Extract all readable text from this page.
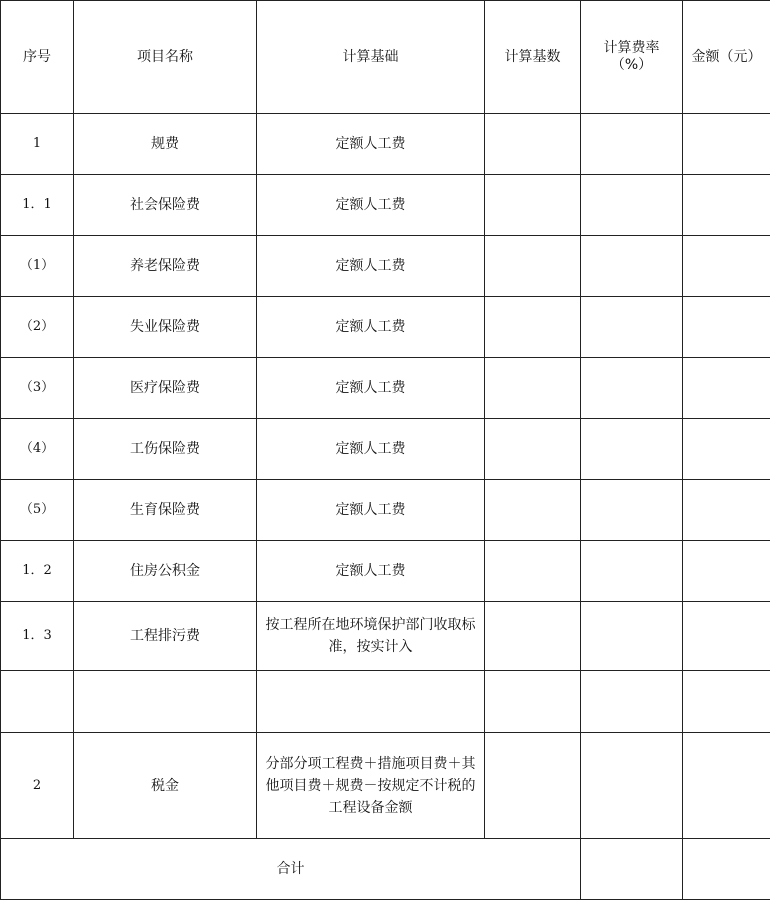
序号	项目名称	计算基础	计算基数	计算费率（%）	金额（元）
1	规费	定额人工费			
1．1	社会保险费	定额人工费			
（1）	养老保险费	定额人工费			
（2）	失业保险费	定额人工费			
（3）	医疗保险费	定额人工费			
（4）	工伤保险费	定额人工费			
（5）	生育保险费	定额人工费			
1．2	住房公积金	定额人工费			
1．3	工程排污费	按工程所在地环境保护部门收取标准，按实计入			

2	税金	分部分项工程费＋措施项目费＋其他项目费＋规费－按规定不计税的工程设备金额			
合计					
